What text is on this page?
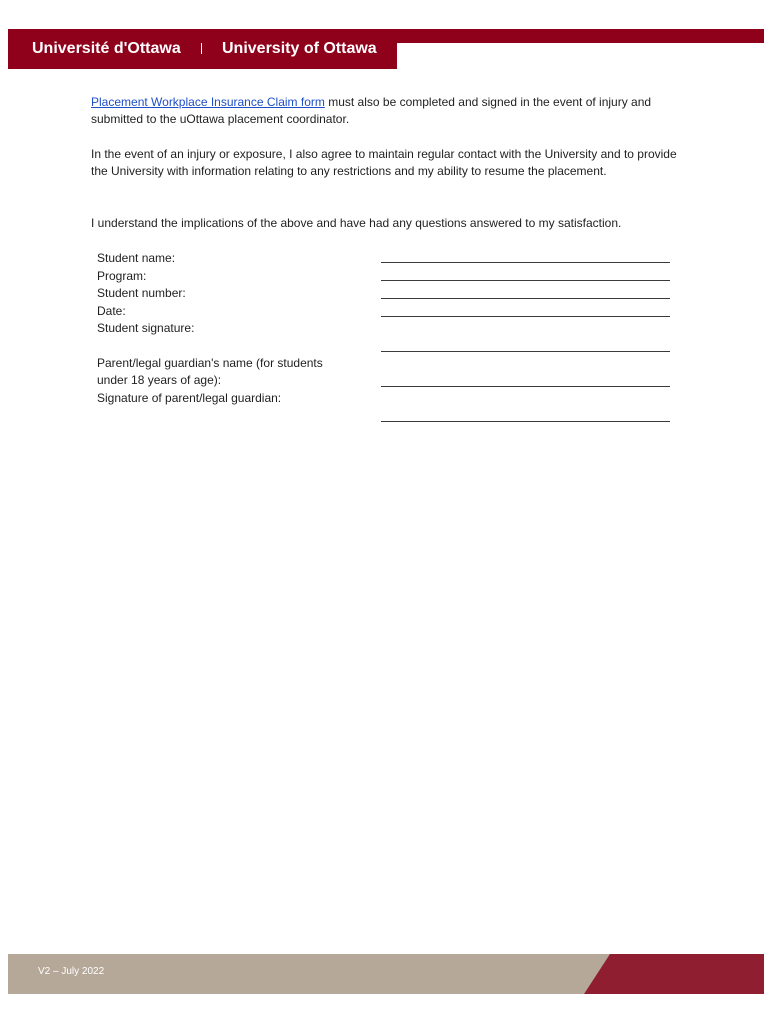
Université d'Ottawa	University of Ottawa

Placement Workplace Insurance Claim form must also be completed and signed in the event of injury and submitted to the uOttawa placement coordinator.

In the event of an injury or exposure, I also agree to maintain regular contact with the University and to provide the University with information relating to any restrictions and my ability to resume the placement.

I understand the implications of the above and have had any questions answered to my satisfaction.

Student name:
Program:
Student number:
Date:
Student signature:
Parent/legal guardian's name (for students
under 18 years of age):
Signature of parent/legal guardian:
V2 – July 2022
